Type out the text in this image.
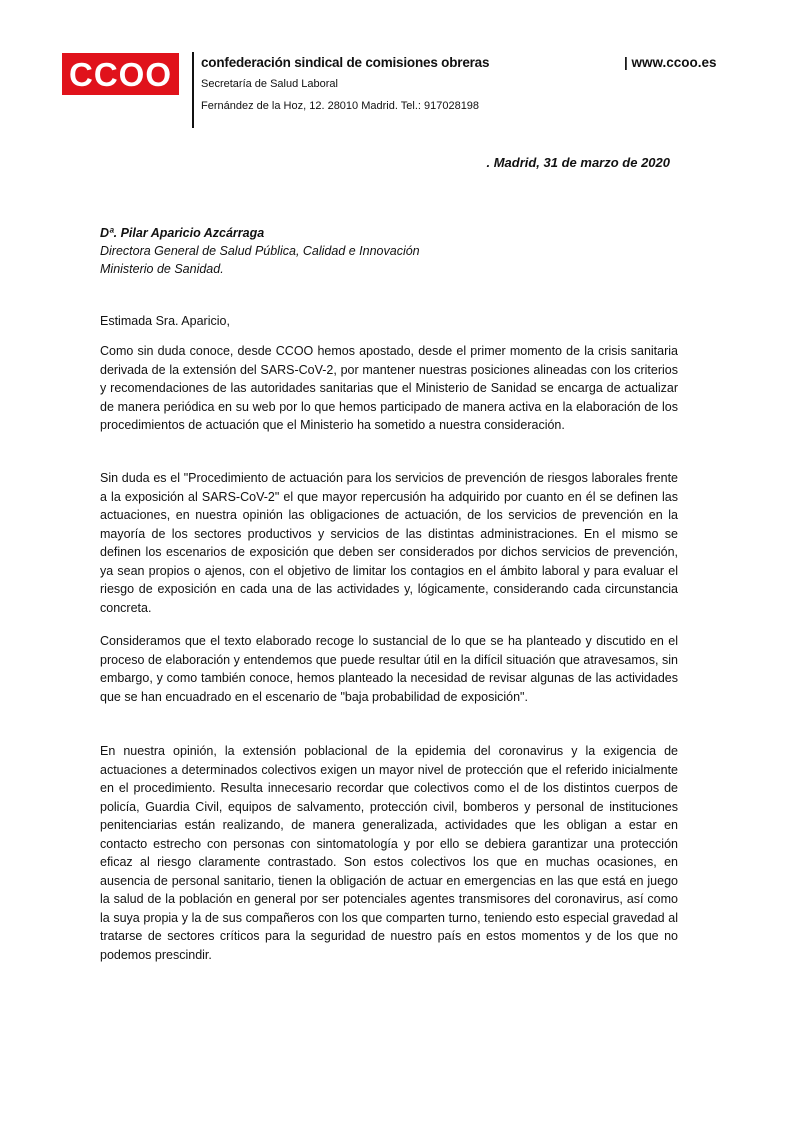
CCOO confederación sindical de comisiones obreras
Secretaría de Salud Laboral
Fernández de la Hoz, 12. 28010 Madrid. Tel.: 917028198
| www.ccoo.es
. Madrid, 31 de marzo de 2020
Dª. Pilar Aparicio Azcárraga
Directora General de Salud Pública, Calidad e Innovación
Ministerio de Sanidad.
Estimada Sra. Aparicio,

Como sin duda conoce, desde CCOO hemos apostado, desde el primer momento de la crisis sanitaria derivada de la extensión del SARS-CoV-2, por mantener nuestras posiciones alineadas con los criterios y recomendaciones de las autoridades sanitarias que el Ministerio de Sanidad se encarga de actualizar de manera periódica en su web por lo que hemos participado de manera activa en la elaboración de los procedimientos de actuación que el Ministerio ha sometido a nuestra consideración.

Sin duda es el "Procedimiento de actuación para los servicios de prevención de riesgos laborales frente a la exposición al SARS-CoV-2" el que mayor repercusión ha adquirido por cuanto en él se definen las actuaciones, en nuestra opinión las obligaciones de actuación, de los servicios de prevención en la mayoría de los sectores productivos y servicios de las distintas administraciones. En el mismo se definen los escenarios de exposición que deben ser considerados por dichos servicios de prevención, ya sean propios o ajenos, con el objetivo de limitar los contagios en el ámbito laboral y para evaluar el riesgo de exposición en cada una de las actividades y, lógicamente, considerando cada circunstancia concreta.

Consideramos que el texto elaborado recoge lo sustancial de lo que se ha planteado y discutido en el proceso de elaboración y entendemos que puede resultar útil en la difícil situación que atravesamos, sin embargo, y como también conoce, hemos planteado la necesidad de revisar algunas de las actividades que se han encuadrado en el escenario de "baja probabilidad de exposición".

En nuestra opinión, la extensión poblacional de la epidemia del coronavirus y la exigencia de actuaciones a determinados colectivos exigen un mayor nivel de protección que el referido inicialmente en el procedimiento. Resulta innecesario recordar que colectivos como el de los distintos cuerpos de policía, Guardia Civil, equipos de salvamento, protección civil, bomberos y personal de instituciones penitenciarias están realizando, de manera generalizada, actividades que les obligan a estar en contacto estrecho con personas con sintomatología y por ello se debiera garantizar una protección eficaz al riesgo claramente contrastado. Son estos colectivos los que en muchas ocasiones, en ausencia de personal sanitario, tienen la obligación de actuar en emergencias en las que está en juego la salud de la población en general por ser potenciales agentes transmisores del coronavirus, así como la suya propia y la de sus compañeros con los que comparten turno, teniendo esto especial gravedad al tratarse de sectores críticos para la seguridad de nuestro país en estos momentos y de los que no podemos prescindir.
